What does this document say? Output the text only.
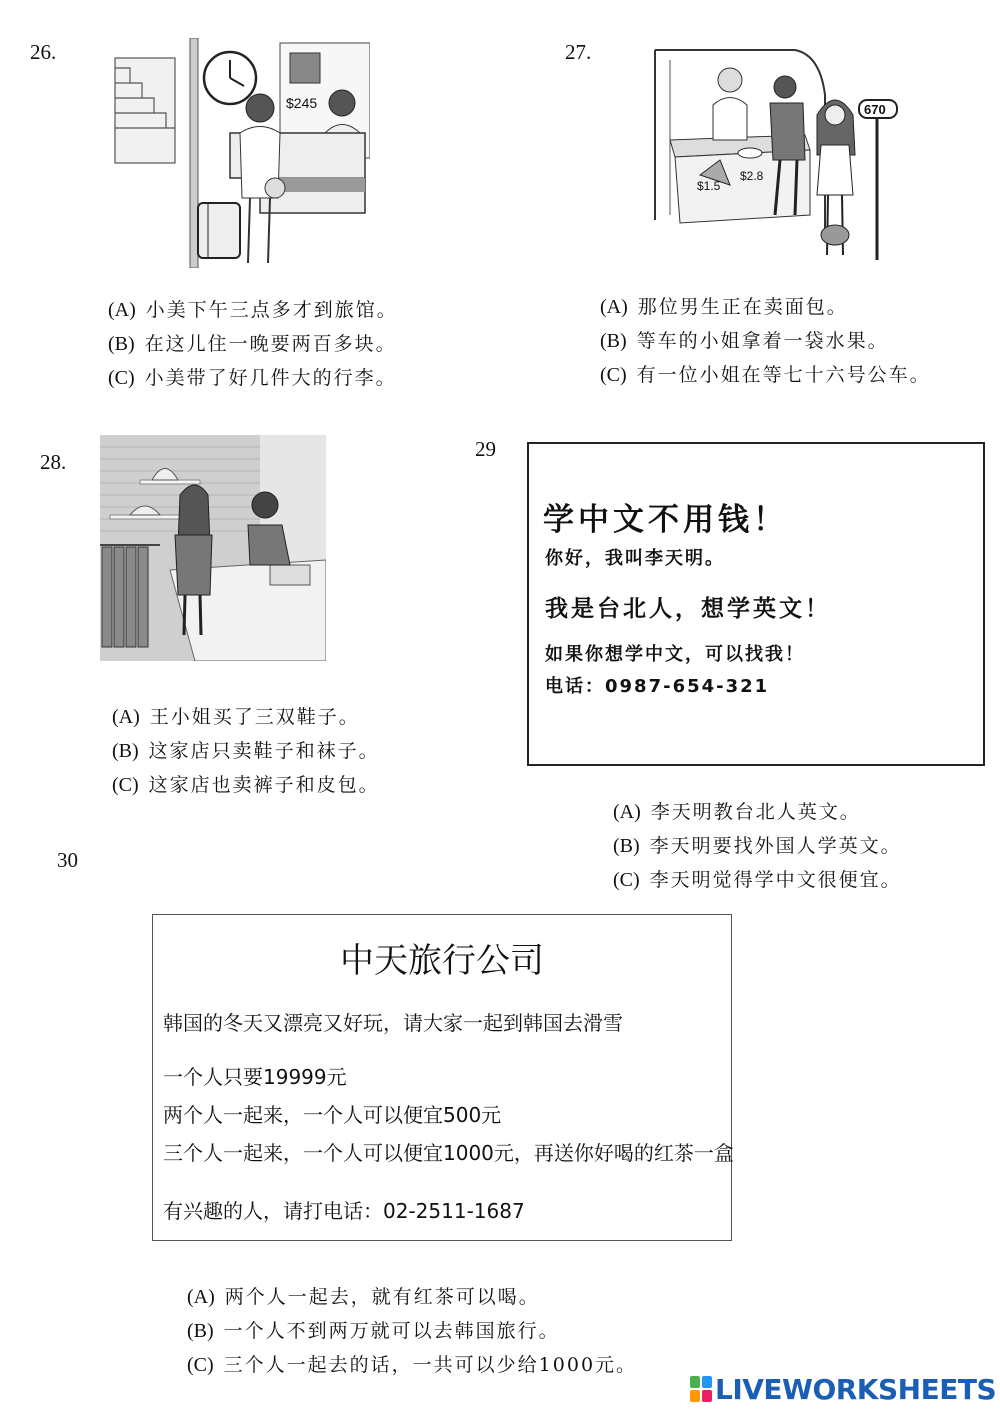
26.
$245
(A) 小美下午三点多才到旅馆。
(B) 在这儿住一晚要两百多块。
(C) 小美带了好几件大的行李。
27.
$1.5
$2.8
670
(A) 那位男生正在卖面包。
(B) 等车的小姐拿着一袋水果。
(C) 有一位小姐在等七十六号公车。
28.
(A) 王小姐买了三双鞋子。
(B) 这家店只卖鞋子和袜子。
(C) 这家店也卖裤子和皮包。
29
学中文不用钱！
你好，我叫李天明。
我是台北人，想学英文！
如果你想学中文，可以找我！
电话：0987-654-321
(A) 李天明教台北人英文。
(B) 李天明要找外国人学英文。
(C) 李天明觉得学中文很便宜。
30
中天旅行公司
韩国的冬天又漂亮又好玩，请大家一起到韩国去滑雪
一个人只要19999元
两个人一起来，一个人可以便宜500元
三个人一起来，一个人可以便宜1000元，再送你好喝的红茶一盒
有兴趣的人，请打电话：02-2511-1687
(A) 两个人一起去，就有红茶可以喝。
(B) 一个人不到两万就可以去韩国旅行。
(C) 三个人一起去的话，一共可以少给1000元。
LIVEWORKSHEETS
